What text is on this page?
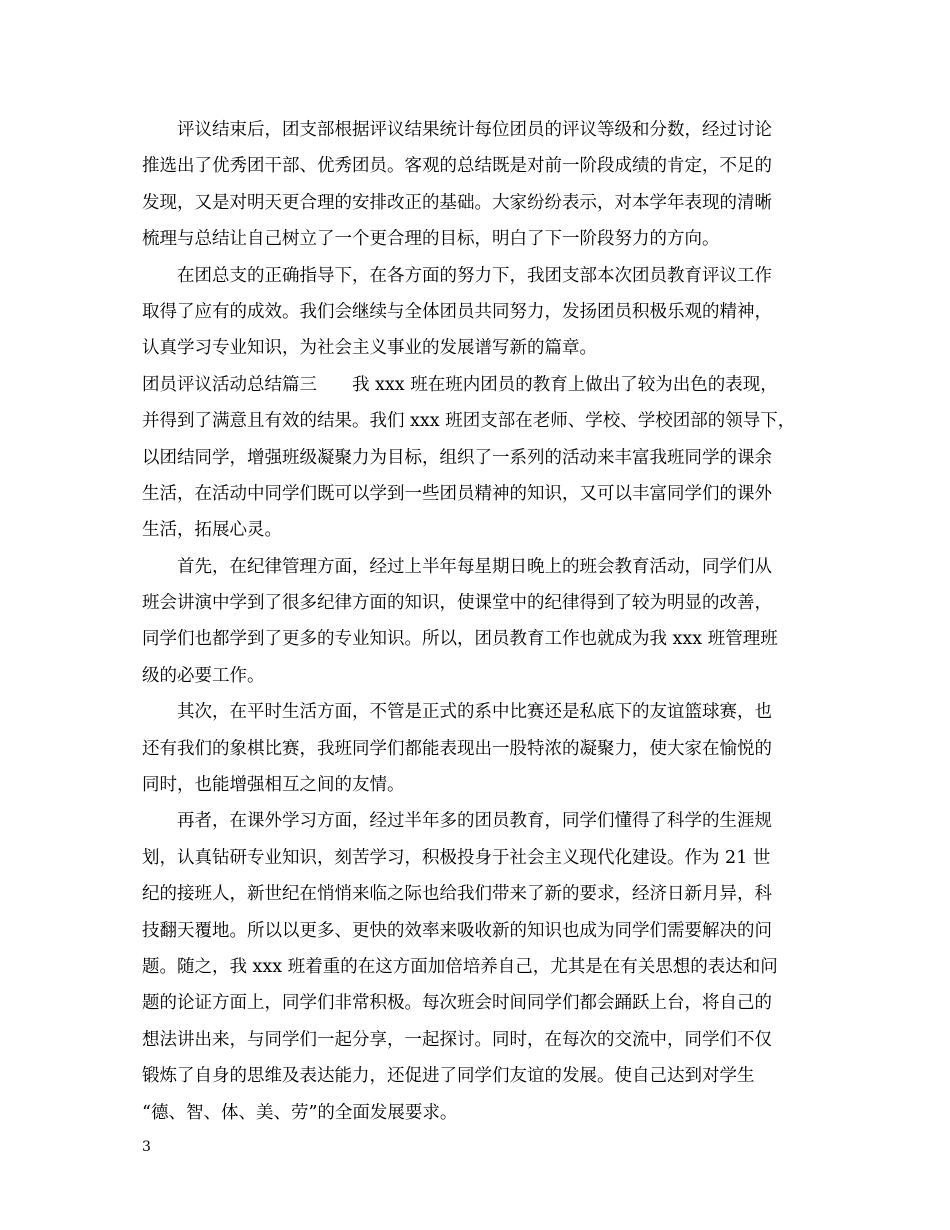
评议结束后，团支部根据评议结果统计每位团员的评议等级和分数，经过讨论
推选出了优秀团干部、优秀团员。客观的总结既是对前一阶段成绩的肯定，不足的
发现，又是对明天更合理的安排改正的基础。大家纷纷表示，对本学年表现的清晰
梳理与总结让自己树立了一个更合理的目标，明白了下一阶段努力的方向。
在团总支的正确指导下，在各方面的努力下，我团支部本次团员教育评议工作
取得了应有的成效。我们会继续与全体团员共同努力，发扬团员积极乐观的精神，
认真学习专业知识，为社会主义事业的发展谱写新的篇章。
团员评议活动总结篇三　　我 xxx 班在班内团员的教育上做出了较为出色的表现，
并得到了满意且有效的结果。我们 xxx 班团支部在老师、学校、学校团部的领导下，
以团结同学，增强班级凝聚力为目标，组织了一系列的活动来丰富我班同学的课余
生活，在活动中同学们既可以学到一些团员精神的知识，又可以丰富同学们的课外
生活，拓展心灵。
首先，在纪律管理方面，经过上半年每星期日晚上的班会教育活动，同学们从
班会讲演中学到了很多纪律方面的知识，使课堂中的纪律得到了较为明显的改善，
同学们也都学到了更多的专业知识。所以，团员教育工作也就成为我 xxx 班管理班
级的必要工作。
其次，在平时生活方面，不管是正式的系中比赛还是私底下的友谊篮球赛，也
还有我们的象棋比赛，我班同学们都能表现出一股特浓的凝聚力，使大家在愉悦的
同时，也能增强相互之间的友情。
再者，在课外学习方面，经过半年多的团员教育，同学们懂得了科学的生涯规
划，认真钻研专业知识，刻苦学习，积极投身于社会主义现代化建设。作为 21 世
纪的接班人，新世纪在悄悄来临之际也给我们带来了新的要求，经济日新月异，科
技翻天覆地。所以以更多、更快的效率来吸收新的知识也成为同学们需要解决的问
题。随之，我 xxx 班着重的在这方面加倍培养自己，尤其是在有关思想的表达和问
题的论证方面上，同学们非常积极。每次班会时间同学们都会踊跃上台，将自己的
想法讲出来，与同学们一起分享，一起探讨。同时，在每次的交流中，同学们不仅
锻炼了自身的思维及表达能力，还促进了同学们友谊的发展。使自己达到对学生
“德、智、体、美、劳”的全面发展要求。
3
